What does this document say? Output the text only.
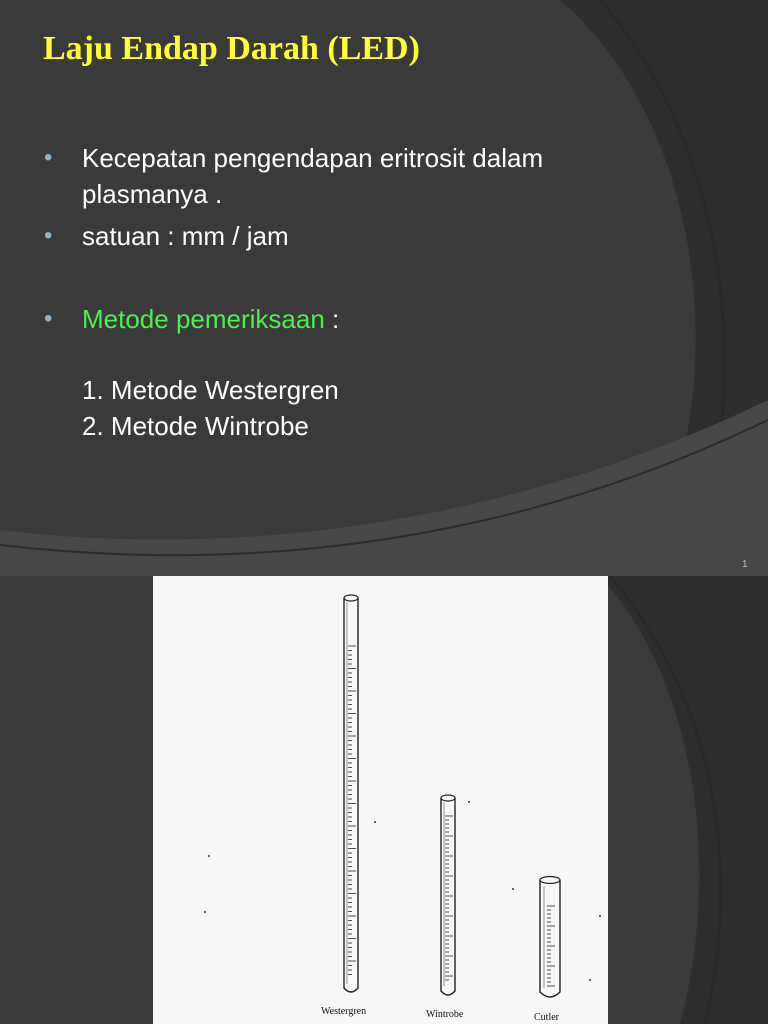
Laju Endap Darah (LED)
• Kecepatan pengendapan eritrosit dalam plasmanya .
• satuan : mm / jam
• Metode pemeriksaan :
1. Metode Westergren
2. Metode Wintrobe
1
Westergren	Wintrobe	Cutler
